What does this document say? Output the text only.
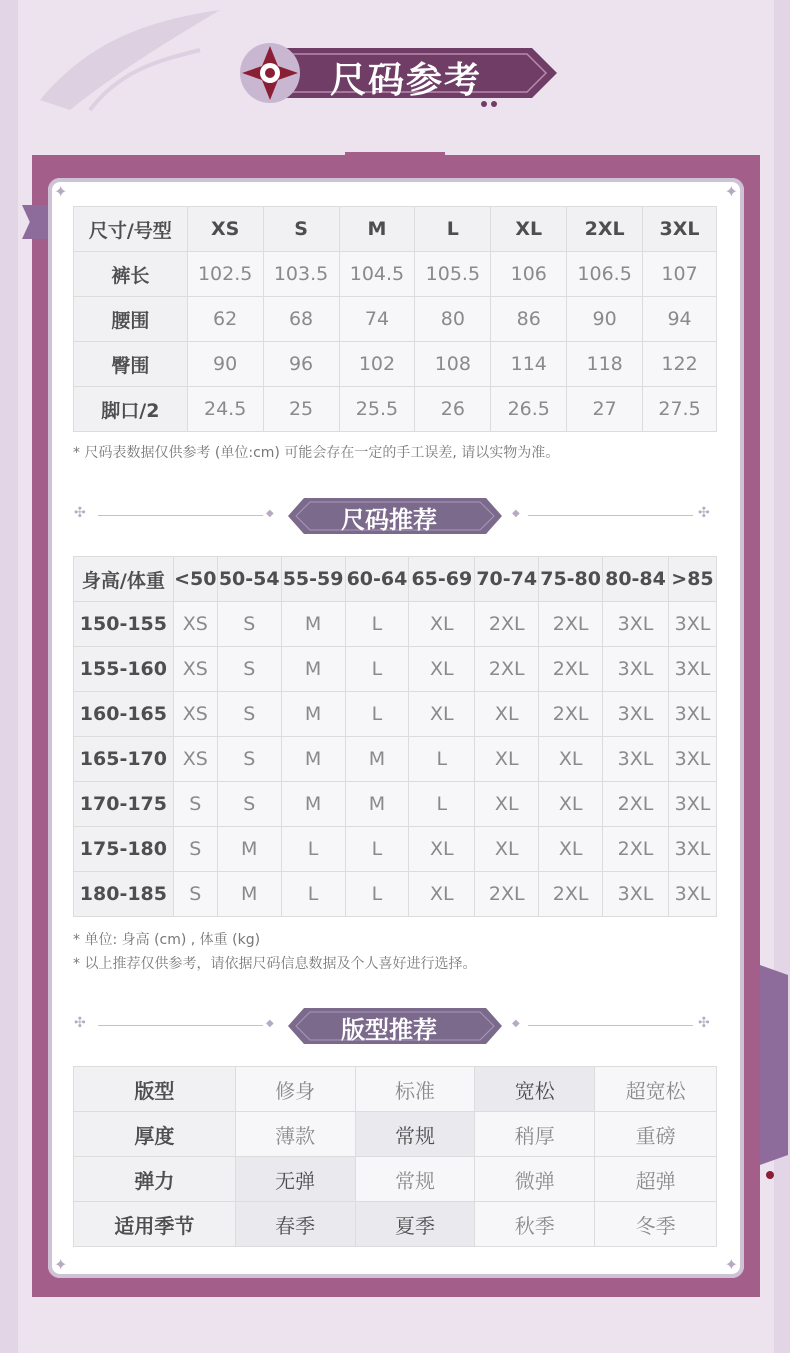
尺码参考
✦	✦
✦	✦
尺寸/号型	XS	S	M	L	XL	2XL	3XL
裤长	102.5	103.5	104.5	105.5	106	106.5	107
腰围	62	68	74	80	86	90	94
臀围	90	96	102	108	114	118	122
脚口/2	24.5	25	25.5	26	26.5	27	27.5
* 尺码表数据仅供参考 (单位:cm) 可能会存在一定的手工误差, 请以实物为准。
✣	◆	尺码推荐	◆	✣
身高/体重	<50	50-54	55-59	60-64	65-69	70-74	75-80	80-84	>85
150-155	XS	S	M	L	XL	2XL	2XL	3XL	3XL
155-160	XS	S	M	L	XL	2XL	2XL	3XL	3XL
160-165	XS	S	M	L	XL	XL	2XL	3XL	3XL
165-170	XS	S	M	M	L	XL	XL	3XL	3XL
170-175	S	S	M	M	L	XL	XL	2XL	3XL
175-180	S	M	L	L	XL	XL	XL	2XL	3XL
180-185	S	M	L	L	XL	2XL	2XL	3XL	3XL
* 单位: 身高 (cm) , 体重 (kg)
* 以上推荐仅供参考，请依据尺码信息数据及个人喜好进行选择。
✣	◆	版型推荐	◆	✣
版型	修身	标准	宽松	超宽松
厚度	薄款	常规	稍厚	重磅
弹力	无弹	常规	微弹	超弹
适用季节	春季	夏季	秋季	冬季
